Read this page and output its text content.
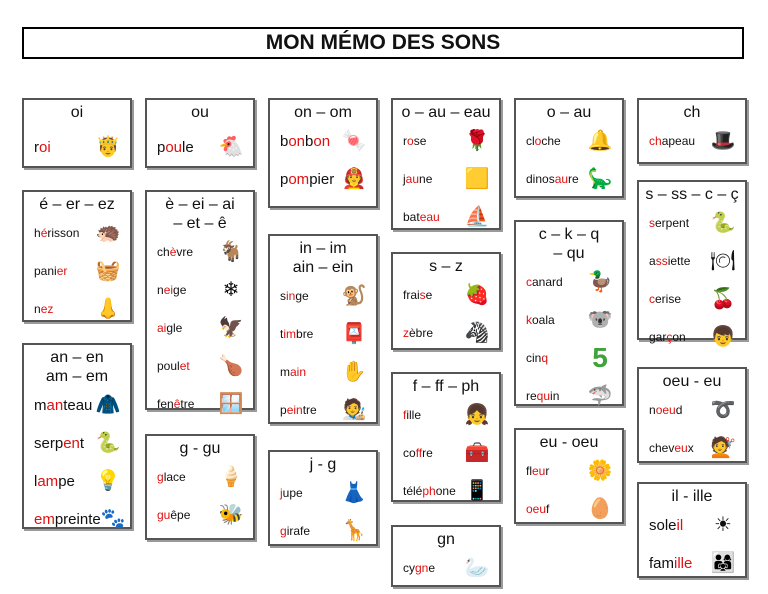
MON MÉMO DES SONS
oi
roi 🤴
ou
poule 🐔
on – om
bonbon 🍬
pompier 🧑‍🚒
o – au – eau
rose 🌹
jaune 🟨
bateau ⛵
o – au
cloche 🔔
dinosaure 🦕
ch
chapeau 🎩
é – er – ez
hérisson 🦔
panier 🧺
nez 👃
è – ei – ai
– et – ê
chèvre 🐐
neige ❄
aigle 🦅
poulet 🍗
fenêtre 🪟
in – im
ain – ein
singe 🐒
timbre 📮
main ✋
peintre 🧑‍🎨
s – z
fraise 🍓
zèbre 🦓
c – k – q
– qu
canard 🦆
koala 🐨
cinq 5
requin 🦈
s – ss – c – ç
serpent 🐍
assiette 🍽
cerise 🍒
garçon 👦
an – en
am – em
manteau 🧥
serpent 🐍
lampe 💡
empreinte 🐾
g - gu
glace 🍦
guêpe 🐝
j - g
jupe 👗
girafe 🦒
f – ff – ph
fille 👧
coffre 🧰
téléphone 📱
gn
cygne 🦢
eu - oeu
fleur 🌼
oeuf 🥚
oeu - eu
noeud ➰
cheveux 💇
il - ille
soleil ☀
famille 👨‍👩‍👧
